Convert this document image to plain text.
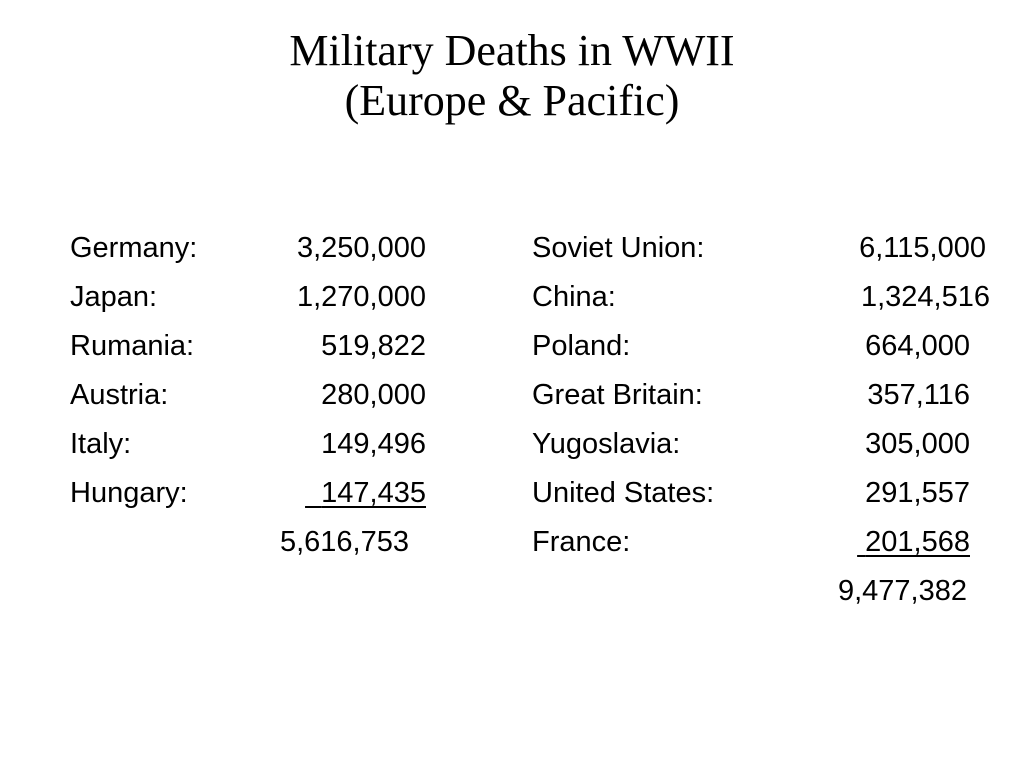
Military Deaths in WWII
(Europe & Pacific)
Germany:	3,250,000
Japan:	1,270,000
Rumania:	519,822
Austria:	280,000
Italy:	149,496
Hungary:	147,435
5,616,753
Soviet Union:	6,115,000
China:	1,324,516
Poland:	664,000
Great Britain:	357,116
Yugoslavia:	305,000
United States:	291,557
France:	201,568
9,477,382
